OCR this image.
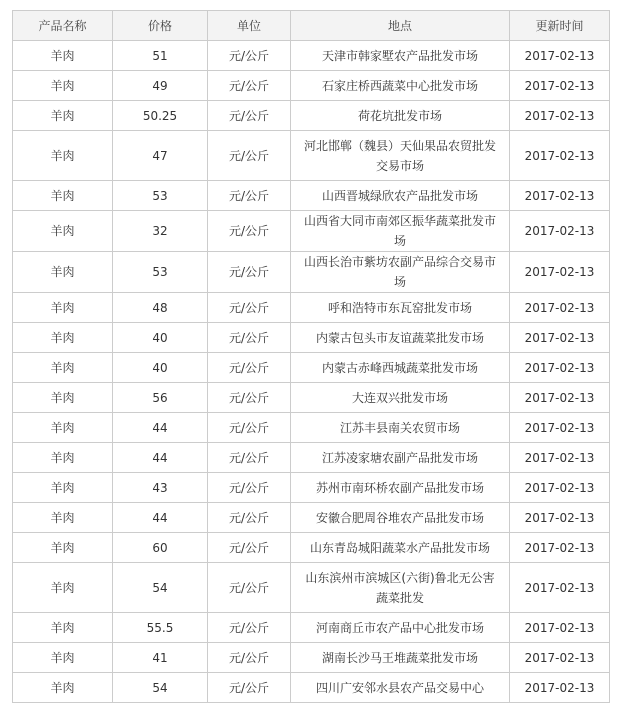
产品名称	价格	单位	地点	更新时间
羊肉	51	元/公斤	天津市韩家墅农产品批发市场	2017-02-13
羊肉	49	元/公斤	石家庄桥西蔬菜中心批发市场	2017-02-13
羊肉	50.25	元/公斤	荷花坑批发市场	2017-02-13
羊肉	47	元/公斤	河北邯郸（魏县）天仙果品农贸批发交易市场	2017-02-13
羊肉	53	元/公斤	山西晋城绿欣农产品批发市场	2017-02-13
羊肉	32	元/公斤	山西省大同市南郊区振华蔬菜批发市场	2017-02-13
羊肉	53	元/公斤	山西长治市紫坊农副产品综合交易市场	2017-02-13
羊肉	48	元/公斤	呼和浩特市东瓦窑批发市场	2017-02-13
羊肉	40	元/公斤	内蒙古包头市友谊蔬菜批发市场	2017-02-13
羊肉	40	元/公斤	内蒙古赤峰西城蔬菜批发市场	2017-02-13
羊肉	56	元/公斤	大连双兴批发市场	2017-02-13
羊肉	44	元/公斤	江苏丰县南关农贸市场	2017-02-13
羊肉	44	元/公斤	江苏凌家塘农副产品批发市场	2017-02-13
羊肉	43	元/公斤	苏州市南环桥农副产品批发市场	2017-02-13
羊肉	44	元/公斤	安徽合肥周谷堆农产品批发市场	2017-02-13
羊肉	60	元/公斤	山东青岛城阳蔬菜水产品批发市场	2017-02-13
羊肉	54	元/公斤	山东滨州市滨城区(六街)鲁北无公害蔬菜批发	2017-02-13
羊肉	55.5	元/公斤	河南商丘市农产品中心批发市场	2017-02-13
羊肉	41	元/公斤	湖南长沙马王堆蔬菜批发市场	2017-02-13
羊肉	54	元/公斤	四川广安邻水县农产品交易中心	2017-02-13
